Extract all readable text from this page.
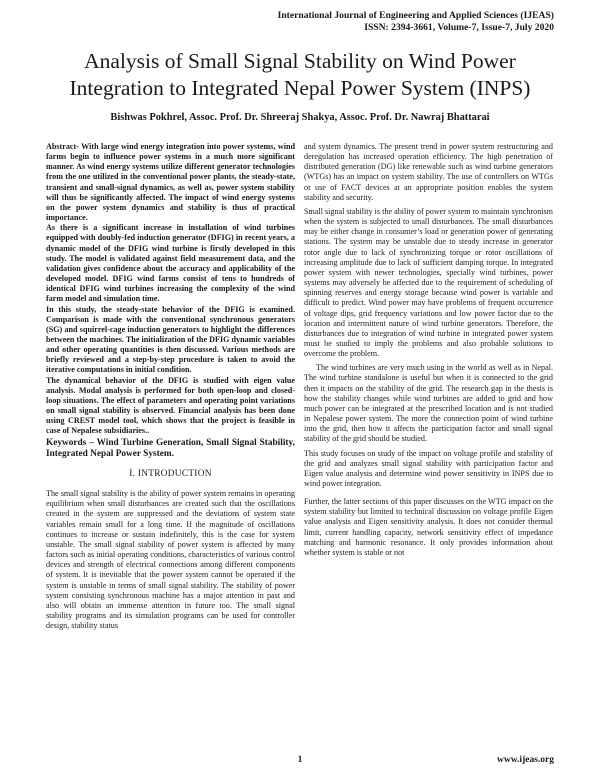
International Journal of Engineering and Applied Sciences (IJEAS)
ISSN: 2394-3661, Volume-7, Issue-7, July 2020
Analysis of Small Signal Stability on Wind Power Integration to Integrated Nepal Power System (INPS)
Bishwas Pokhrel, Assoc. Prof. Dr. Shreeraj Shakya, Assoc. Prof. Dr. Nawraj Bhattarai

Abstract- With large wind energy integration into power systems, wind farms begin to influence power systems in a much more significant manner. As wind energy systems utilize different generator technologies from the one utilized in the conventional power plants, the steady-state, transient and small-signal dynamics, as well as, power system stability will thus be significantly affected. The impact of wind energy systems on the power system dynamics and stability is thus of practical importance.

As there is a significant increase in installation of wind turbines equipped with doubly-fed induction generator (DFIG) in recent years, a dynamic model of the DFIG wind turbine is firstly developed in this study. The model is validated against field measurement data, and the validation gives confidence about the accuracy and applicability of the developed model. DFIG wind farms consist of tens to hundreds of identical DFIG wind turbines increasing the complexity of the wind farm model and simulation time.

In this study, the steady-state behavior of the DFIG is examined. Comparison is made with the conventional synchronous generators (SG) and squirrel-cage induction generators to highlight the differences between the machines. The initialization of the DFIG dynamic variables and other operating quantities is then discussed. Various methods are briefly reviewed and a step-by-step procedure is taken to avoid the iterative computations in initial condition.

The dynamical behavior of the DFIG is studied with eigen value analysis. Modal analysis is performed for both open-loop and closed-loop situations. The effect of parameters and operating point variations on small signal stability is observed. Financial analysis has been done using CREST model tool, which shows that the project is feasible in case of Nepalese subsidiaries..

Keywords – Wind Turbine Generation, Small Signal Stability, Integrated Nepal Power System.

I. INTRODUCTION

The small signal stability is the ability of power system remains in operating equilibrium when small disturbances are created such that the oscillations created in the system are suppressed and the deviations of system state variables remain small for a long time. If the magnitude of oscillations continues to increase or sustain indefinitely, this is the case for system unstable. The small signal stability of power system is affected by many factors such as initial operating conditions, characteristics of various control devices and strength of electrical connections among different components of system. It is inevitable that the power system cannot be operated if the system is unstable in terms of small signal stability. The stability of power system consisting synchronous machine has a major attention in past and also will obtain an immense attention in future too. The small signal stability programs and its simulation programs can be used for controller design, stability status

and system dynamics. The present trend in power system restructuring and deregulation has increased operation efficiency. The high penetration of distributed generation (DG) like renewable such as wind turbine generators (WTGs) has an impact on system stability. The use of controllers on WTGs or use of FACT devices at an appropriate position enables the system stability and security.

Small signal stability is the ability of power system to maintain synchronism when the system is subjected to small disturbances. The small disturbances may be either change in consumer’s load or generation power of generating stations. The system may be unstable due to steady increase in generator rotor angle due to lack of synchronizing torque or rotor oscillations of increasing amplitude due to lack of sufficient damping torque. In integrated power system with newer technologies, specially wind turbines, power systems may adversely be affected due to the requirement of scheduling of spinning reserves and energy storage because wind power is variable and difficult to predict. Wind power may have problems of frequent occurrence of voltage dips, grid frequency variations and low power factor due to the location and intermittent nature of wind turbine generators. Therefore, the disturbances due to integration of wind turbine in integrated power system must be studied to imply the problems and also probable solutions to overcome the problem.

The wind turbines are very much using in the world as well as in Nepal. The wind turbine standalone is useful but when it is connected to the grid then it impacts on the stability of the grid. The research gap in the thesis is how the stability changes while wind turbines are added to grid and how much power can be integrated at the prescribed location and is not studied in Nepalese power system. The more the connection point of wind turbine into the grid, then how it affects the participation factor and small signal stability of the grid should be studied.

This study focuses on study of the impact on voltage profile and stability of the grid and analyzes small signal stability with participation factor and Eigen value analysis and determine wind power sensitivity in INPS due to wind power integration.

Further, the latter sections of this paper discusses on the WTG impact on the system stability but limited to technical discussion on voltage profile Eigen value analysis and Eigen sensitivity analysis. It does not consider thermal limit, current handling capacity, network sensitivity effect of impedance matching and harmonic resonance. It only provides information about whether system is stable or not

1	www.ijeas.org
